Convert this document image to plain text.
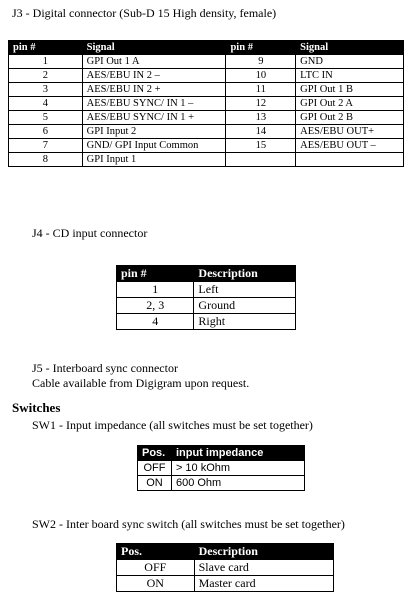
J3 - Digital connector (Sub-D 15 High density, female)
pin #	Signal	pin #	Signal
1	GPI Out 1 A	9	GND
2	AES/EBU IN 2 –	10	LTC IN
3	AES/EBU IN 2 +	11	GPI Out 1 B
4	AES/EBU SYNC/ IN 1 –	12	GPI Out 2 A
5	AES/EBU SYNC/ IN 1 +	13	GPI Out 2 B
6	GPI Input 2	14	AES/EBU OUT+
7	GND/ GPI Input Common	15	AES/EBU OUT –
8	GPI Input 1		
J4 - CD input connector
pin #	Description
1	Left
2, 3	Ground
4	Right
J5 - Interboard sync connector
Cable available from Digigram upon request.
Switches
SW1 - Input impedance (all switches must be set together)
Pos.	input impedance
OFF	> 10 kOhm
ON	600 Ohm
SW2 - Inter board sync switch (all switches must be set together)
Pos.	Description
OFF	Slave card
ON	Master card
